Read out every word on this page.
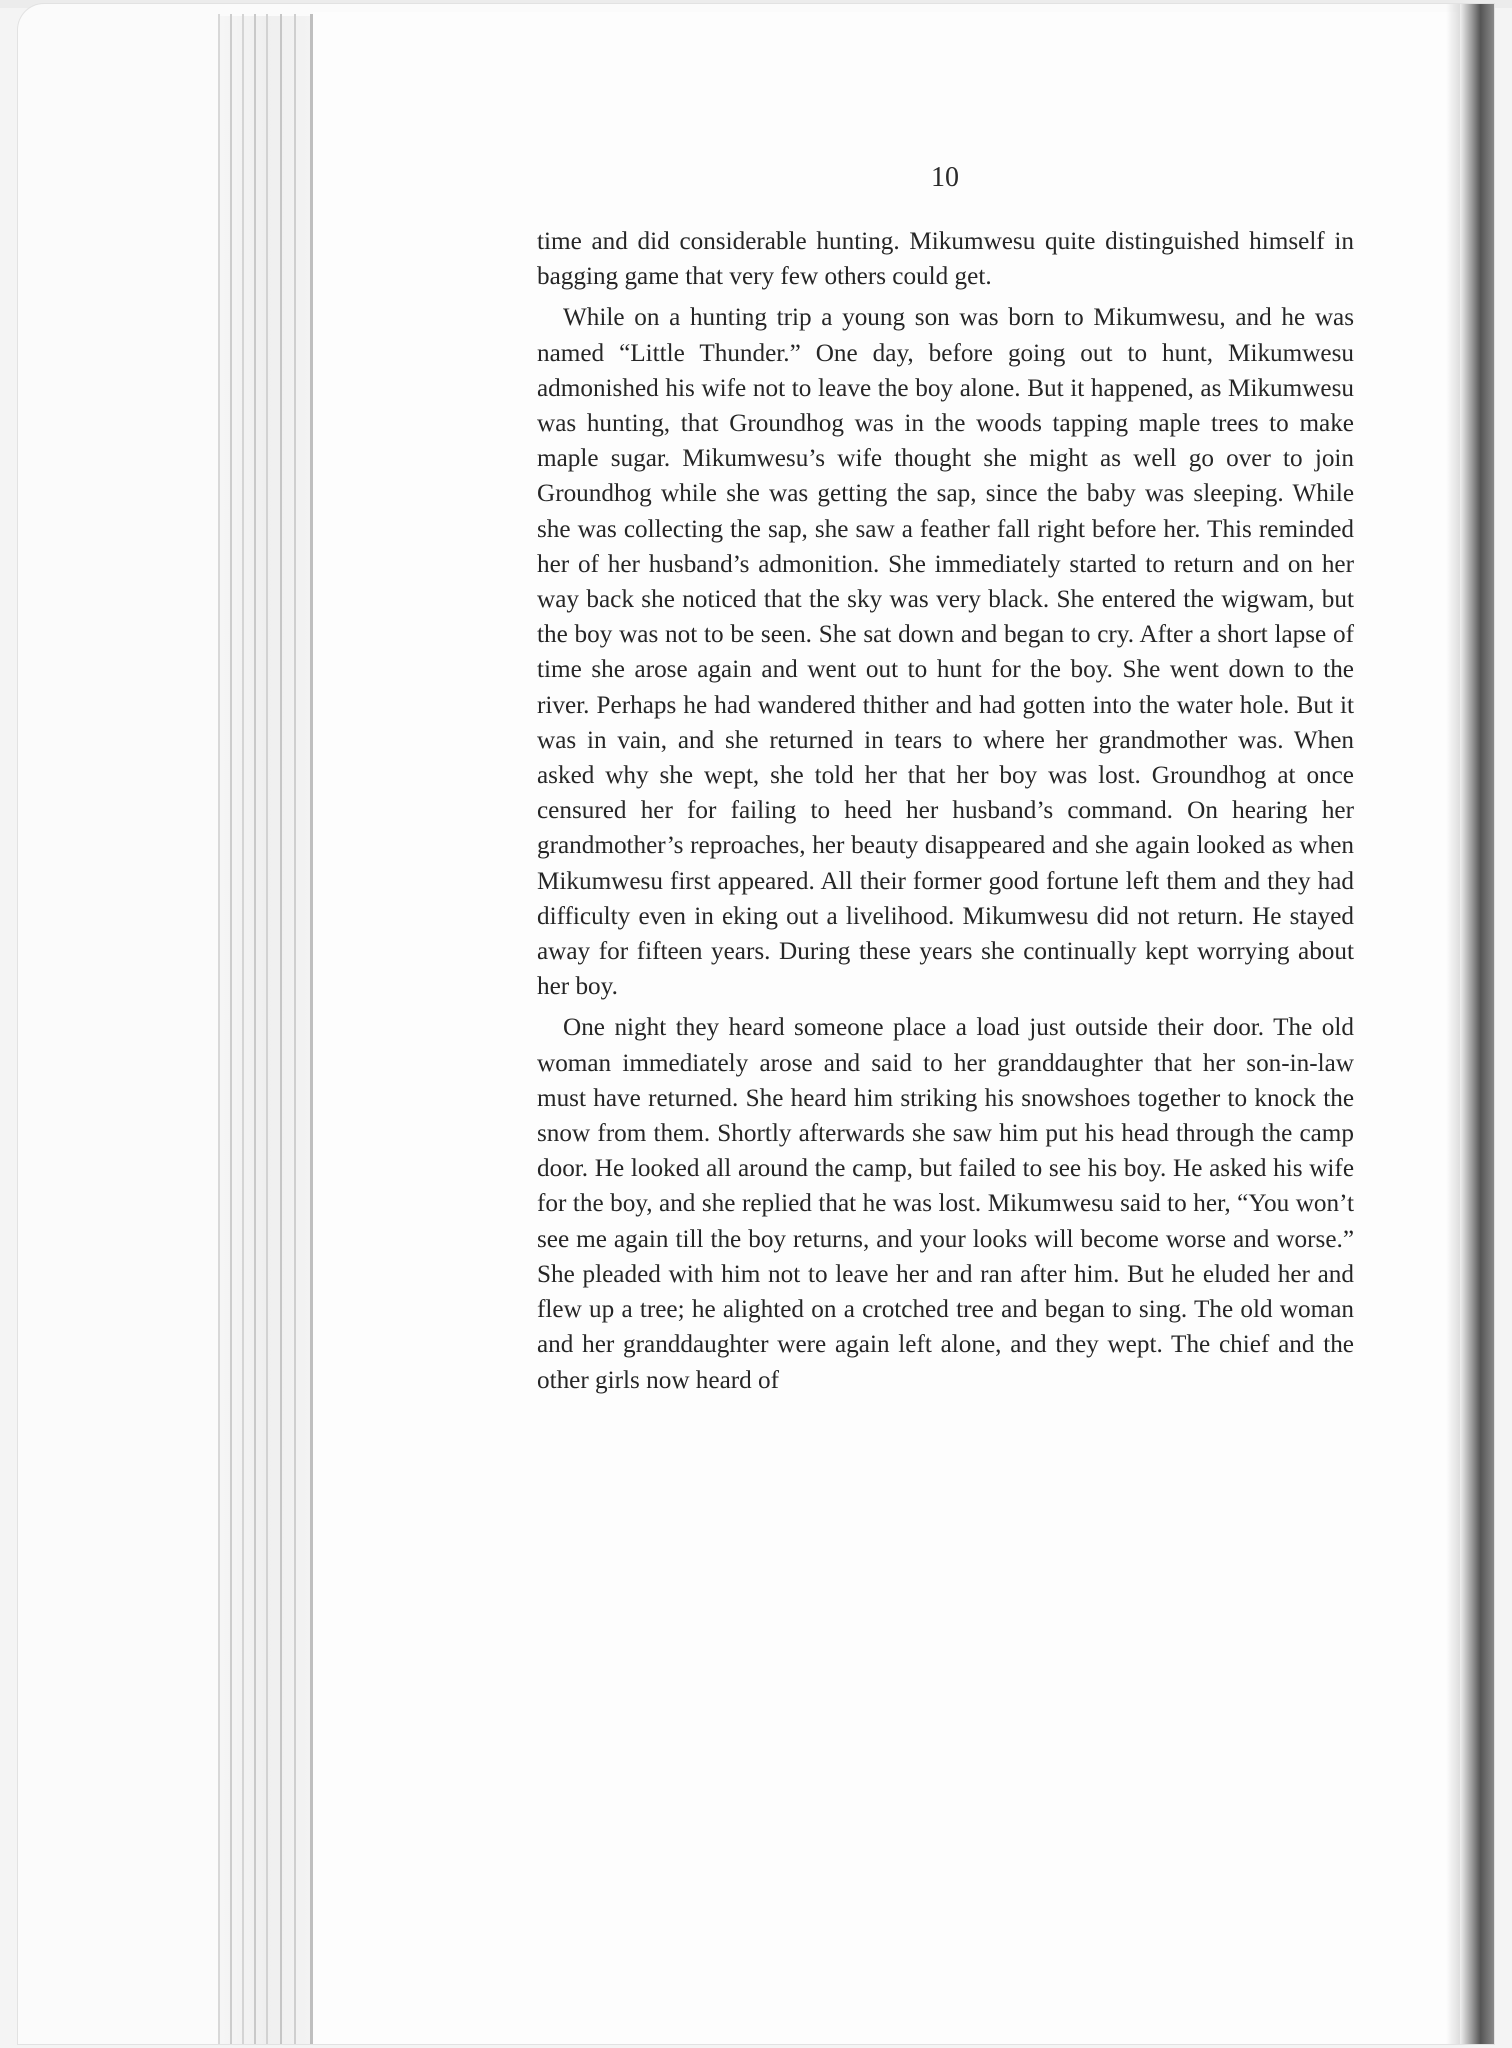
10

time and did considerable hunting. Mikumwesu quite distinguished himself in bagging game that very few others could get.

While on a hunting trip a young son was born to Mikumwesu, and he was named “Little Thunder.” One day, before going out to hunt, Mikumwesu admonished his wife not to leave the boy alone. But it happened, as Mikumwesu was hunting, that Groundhog was in the woods tapping maple trees to make maple sugar. Mikumwesu’s wife thought she might as well go over to join Groundhog while she was getting the sap, since the baby was sleeping. While she was collecting the sap, she saw a feather fall right before her. This reminded her of her husband’s admonition. She immediately started to return and on her way back she noticed that the sky was very black. She entered the wigwam, but the boy was not to be seen. She sat down and began to cry. After a short lapse of time she arose again and went out to hunt for the boy. She went down to the river. Perhaps he had wandered thither and had gotten into the water hole. But it was in vain, and she returned in tears to where her grandmother was. When asked why she wept, she told her that her boy was lost. Groundhog at once censured her for failing to heed her husband’s command. On hearing her grandmother’s reproaches, her beauty disappeared and she again looked as when Mikumwesu first appeared. All their former good fortune left them and they had difficulty even in eking out a livelihood. Mikumwesu did not return. He stayed away for fifteen years. During these years she continually kept worrying about her boy.

One night they heard someone place a load just outside their door. The old woman immediately arose and said to her granddaughter that her son-in-law must have returned. She heard him striking his snowshoes together to knock the snow from them. Shortly afterwards she saw him put his head through the camp door. He looked all around the camp, but failed to see his boy. He asked his wife for the boy, and she replied that he was lost. Mikumwesu said to her, “You won’t see me again till the boy returns, and your looks will become worse and worse.” She pleaded with him not to leave her and ran after him. But he eluded her and flew up a tree; he alighted on a crotched tree and began to sing. The old woman and her granddaughter were again left alone, and they wept. The chief and the other girls now heard of
